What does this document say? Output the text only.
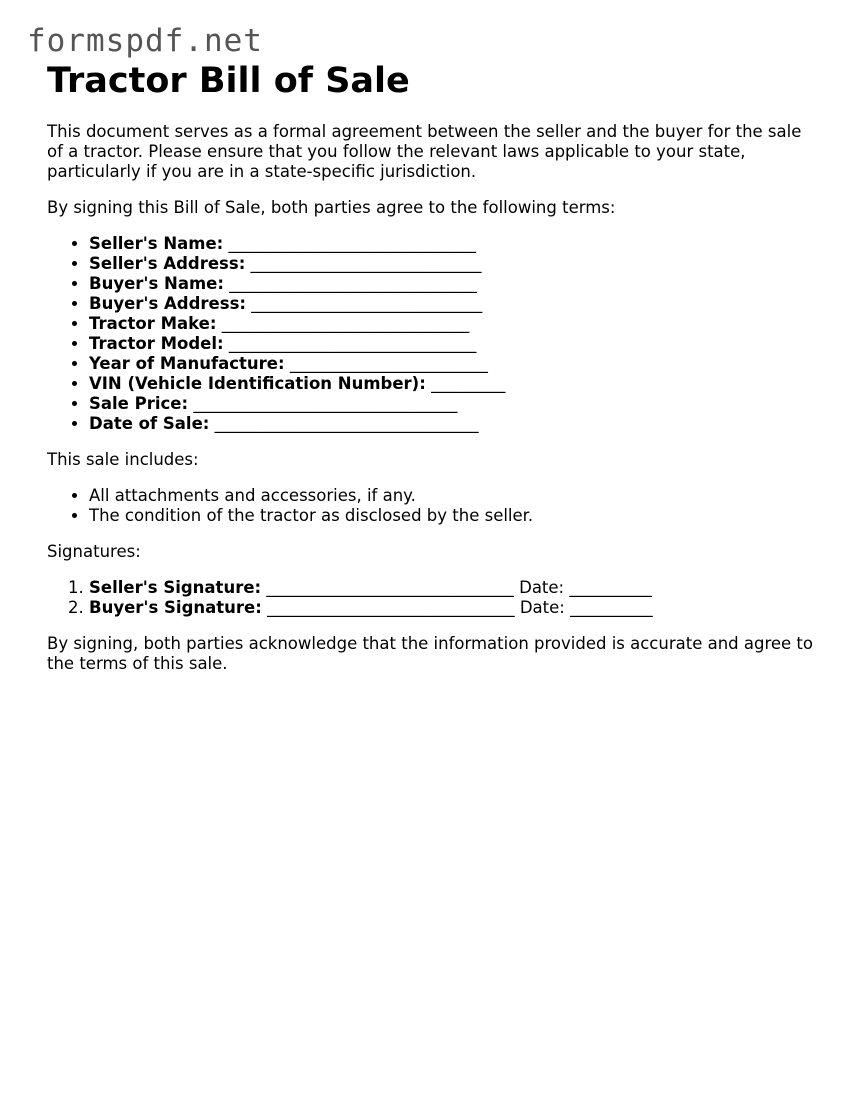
formspdf.net
Tractor Bill of Sale

This document serves as a formal agreement between the seller and the buyer for the sale of a tractor. Please ensure that you follow the relevant laws applicable to your state, particularly if you are in a state-specific jurisdiction.

By signing this Bill of Sale, both parties agree to the following terms:

• Seller's Name: ______________________________
• Seller's Address: ____________________________
• Buyer's Name: ______________________________
• Buyer's Address: ____________________________
• Tractor Make: ______________________________
• Tractor Model: ______________________________
• Year of Manufacture: ________________________
• VIN (Vehicle Identification Number): _________
• Sale Price: ________________________________
• Date of Sale: ________________________________

This sale includes:

• All attachments and accessories, if any.
• The condition of the tractor as disclosed by the seller.

Signatures:

1. Seller's Signature: ______________________________ Date: __________
2. Buyer's Signature: ______________________________ Date: __________

By signing, both parties acknowledge that the information provided is accurate and agree to the terms of this sale.
